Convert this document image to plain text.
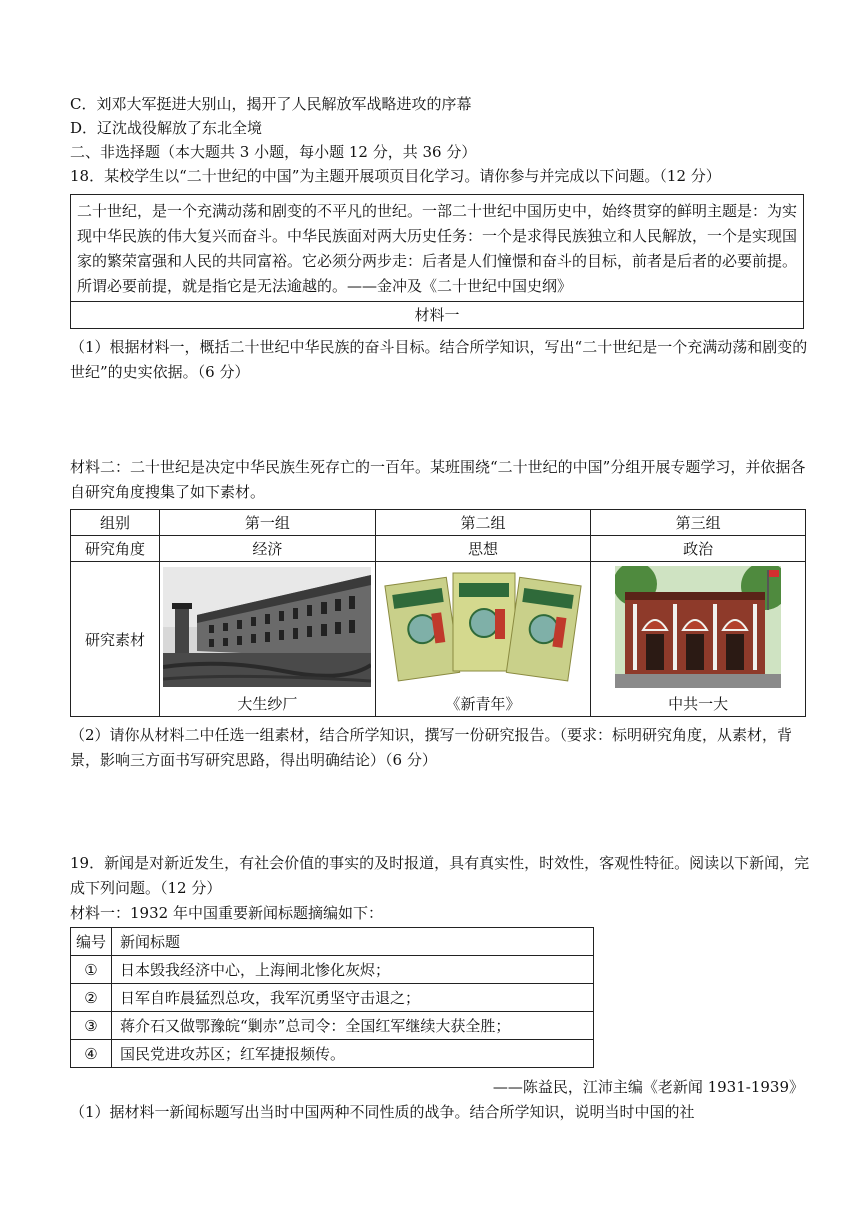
C．刘邓大军挺进大别山，揭开了人民解放军战略进攻的序幕
D．辽沈战役解放了东北全境
二、非选择题（本大题共 3 小题，每小题 12 分，共 36 分）
18．某校学生以“二十世纪的中国”为主题开展项页目化学习。请你参与并完成以下问题。（12 分）
二十世纪，是一个充满动荡和剧变的不平凡的世纪。一部二十世纪中国历史中，始终贯穿的鲜明主题是：为实现中华民族的伟大复兴而奋斗。中华民族面对两大历史任务：一个是求得民族独立和人民解放，一个是实现国家的繁荣富强和人民的共同富裕。它必须分两步走：后者是人们憧憬和奋斗的目标，前者是后者的必要前提。所谓必要前提，就是指它是无法逾越的。——金冲及《二十世纪中国史纲》
材料一
（1）根据材料一，概括二十世纪中华民族的奋斗目标。结合所学知识，写出“二十世纪是一个充满动荡和剧变的世纪”的史实依据。（6 分）
材料二：二十世纪是决定中华民族生死存亡的一百年。某班围绕“二十世纪的中国”分组开展专题学习，并依据各自研究角度搜集了如下素材。
组别	第一组	第二组	第三组
研究角度	经济	思想	政治
研究素材	大生纱厂	《新青年》	中共一大
（2）请你从材料二中任选一组素材，结合所学知识，撰写一份研究报告。（要求：标明研究角度，从素材，背景，影响三方面书写研究思路，得出明确结论）（6 分）
19．新闻是对新近发生，有社会价值的事实的及时报道，具有真实性，时效性，客观性特征。阅读以下新闻，完成下列问题。（12 分）
材料一：1932 年中国重要新闻标题摘编如下：
编号	新闻标题
①	日本毁我经济中心，上海闸北惨化灰烬；
②	日军自昨晨猛烈总攻，我军沉勇坚守击退之；
③	蒋介石又做鄂豫皖“剿赤”总司令：全国红军继续大获全胜；
④	国民党进攻苏区；红军捷报频传。
——陈益民，江沛主编《老新闻 1931-1939》
（1）据材料一新闻标题写出当时中国两种不同性质的战争。结合所学知识，说明当时中国的社
